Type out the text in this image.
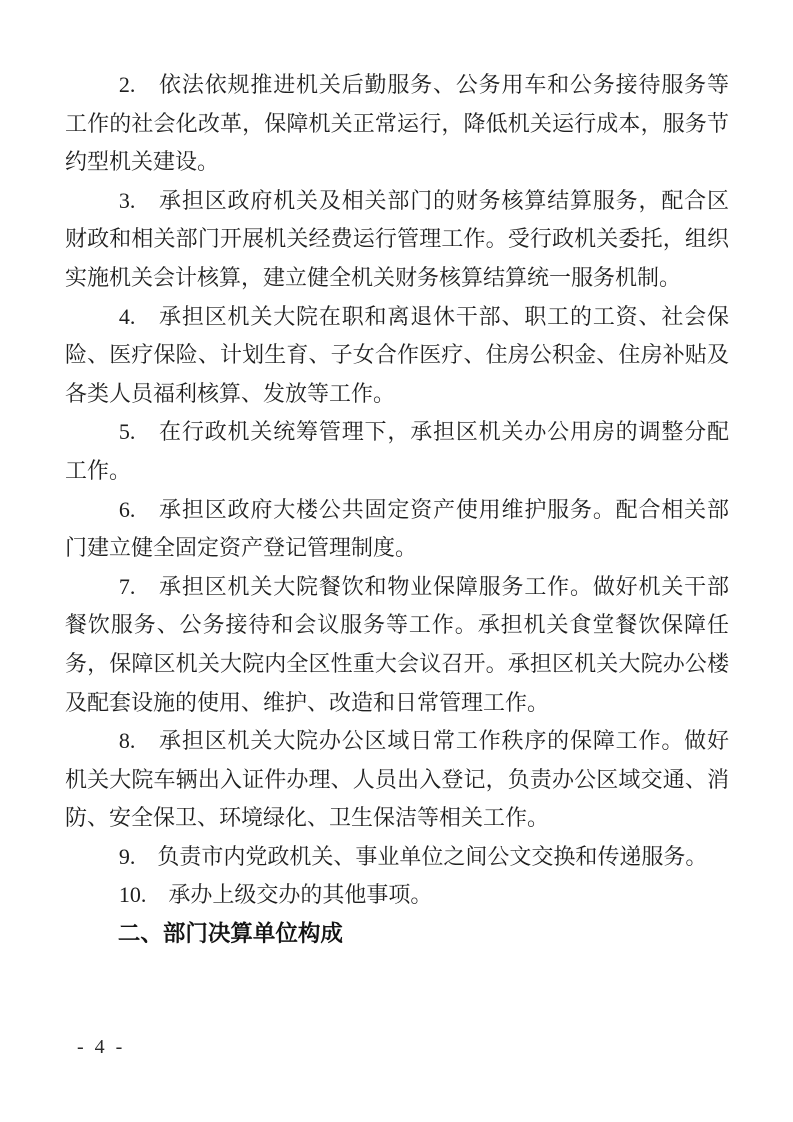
2.　依法依规推进机关后勤服务、公务用车和公务接待服务等工作的社会化改革，保障机关正常运行，降低机关运行成本，服务节约型机关建设。

3.　承担区政府机关及相关部门的财务核算结算服务，配合区财政和相关部门开展机关经费运行管理工作。受行政机关委托，组织实施机关会计核算，建立健全机关财务核算结算统一服务机制。

4.　承担区机关大院在职和离退休干部、职工的工资、社会保险、医疗保险、计划生育、子女合作医疗、住房公积金、住房补贴及各类人员福利核算、发放等工作。

5.　在行政机关统筹管理下，承担区机关办公用房的调整分配工作。

6.　承担区政府大楼公共固定资产使用维护服务。配合相关部门建立健全固定资产登记管理制度。

7.　承担区机关大院餐饮和物业保障服务工作。做好机关干部餐饮服务、公务接待和会议服务等工作。承担机关食堂餐饮保障任务，保障区机关大院内全区性重大会议召开。承担区机关大院办公楼及配套设施的使用、维护、改造和日常管理工作。

8.　承担区机关大院办公区域日常工作秩序的保障工作。做好机关大院车辆出入证件办理、人员出入登记，负责办公区域交通、消防、安全保卫、环境绿化、卫生保洁等相关工作。

9.　负责市内党政机关、事业单位之间公文交换和传递服务。

10.　承办上级交办的其他事项。

二、部门决算单位构成
- 4 -
